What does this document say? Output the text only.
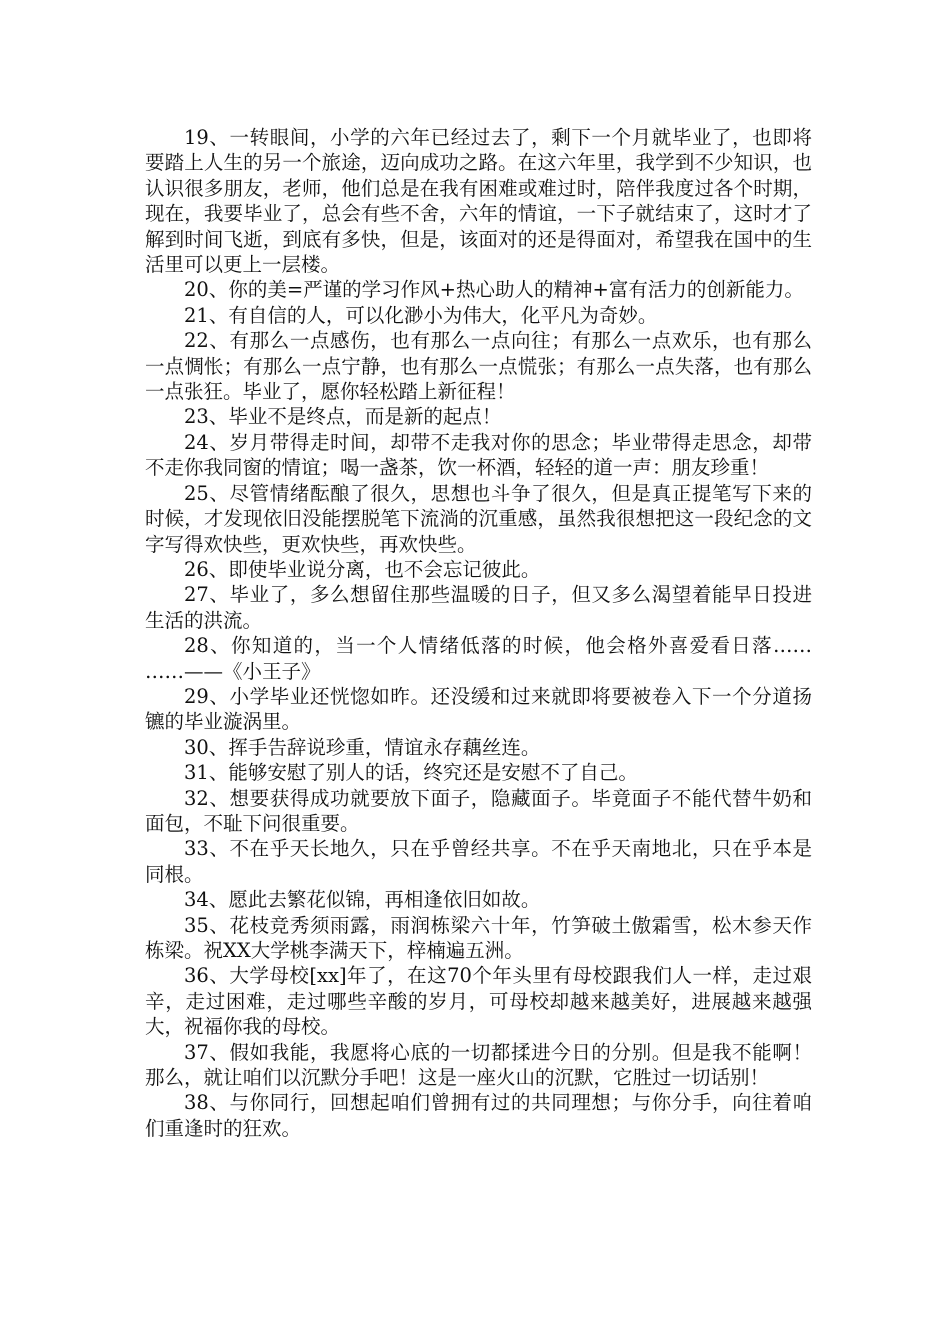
19、一转眼间，小学的六年已经过去了，剩下一个月就毕业了，也即将要踏上人生的另一个旅途，迈向成功之路。在这六年里，我学到不少知识，也认识很多朋友，老师，他们总是在我有困难或难过时，陪伴我度过各个时期，现在，我要毕业了，总会有些不舍，六年的情谊，一下子就结束了，这时才了解到时间飞逝，到底有多快，但是，该面对的还是得面对，希望我在国中的生活里可以更上一层楼。

20、你的美=严谨的学习作风+热心助人的精神+富有活力的创新能力。

21、有自信的人，可以化渺小为伟大，化平凡为奇妙。

22、有那么一点感伤，也有那么一点向往；有那么一点欢乐，也有那么一点惆怅；有那么一点宁静，也有那么一点慌张；有那么一点失落，也有那么一点张狂。毕业了，愿你轻松踏上新征程！

23、毕业不是终点，而是新的起点！

24、岁月带得走时间，却带不走我对你的思念；毕业带得走思念，却带不走你我同窗的情谊；喝一盏茶，饮一杯酒，轻轻的道一声：朋友珍重！

25、尽管情绪酝酿了很久，思想也斗争了很久，但是真正提笔写下来的时候，才发现依旧没能摆脱笔下流淌的沉重感，虽然我很想把这一段纪念的文字写得欢快些，更欢快些，再欢快些。

26、即使毕业说分离，也不会忘记彼此。

27、毕业了，多么想留住那些温暖的日子，但又多么渴望着能早日投进生活的洪流。

28、你知道的，当一个人情绪低落的时候，他会格外喜爱看日落…… ……——《小王子》

29、小学毕业还恍惚如昨。还没缓和过来就即将要被卷入下一个分道扬镳的毕业漩涡里。

30、挥手告辞说珍重，情谊永存藕丝连。

31、能够安慰了别人的话，终究还是安慰不了自己。

32、想要获得成功就要放下面子，隐藏面子。毕竟面子不能代替牛奶和面包，不耻下问很重要。

33、不在乎天长地久，只在乎曾经共享。不在乎天南地北，只在乎本是同根。

34、愿此去繁花似锦，再相逢依旧如故。

35、花枝竞秀须雨露，雨润栋梁六十年，竹笋破土傲霜雪，松木参天作栋梁。祝XX大学桃李满天下，梓楠遍五洲。

36、大学母校[xx]年了，在这70个年头里有母校跟我们人一样，走过艰辛，走过困难，走过哪些辛酸的岁月，可母校却越来越美好，进展越来越强大，祝福你我的母校。

37、假如我能，我愿将心底的一切都揉进今日的分别。但是我不能啊！那么，就让咱们以沉默分手吧！这是一座火山的沉默，它胜过一切话别！

38、与你同行，回想起咱们曾拥有过的共同理想；与你分手，向往着咱们重逢时的狂欢。
